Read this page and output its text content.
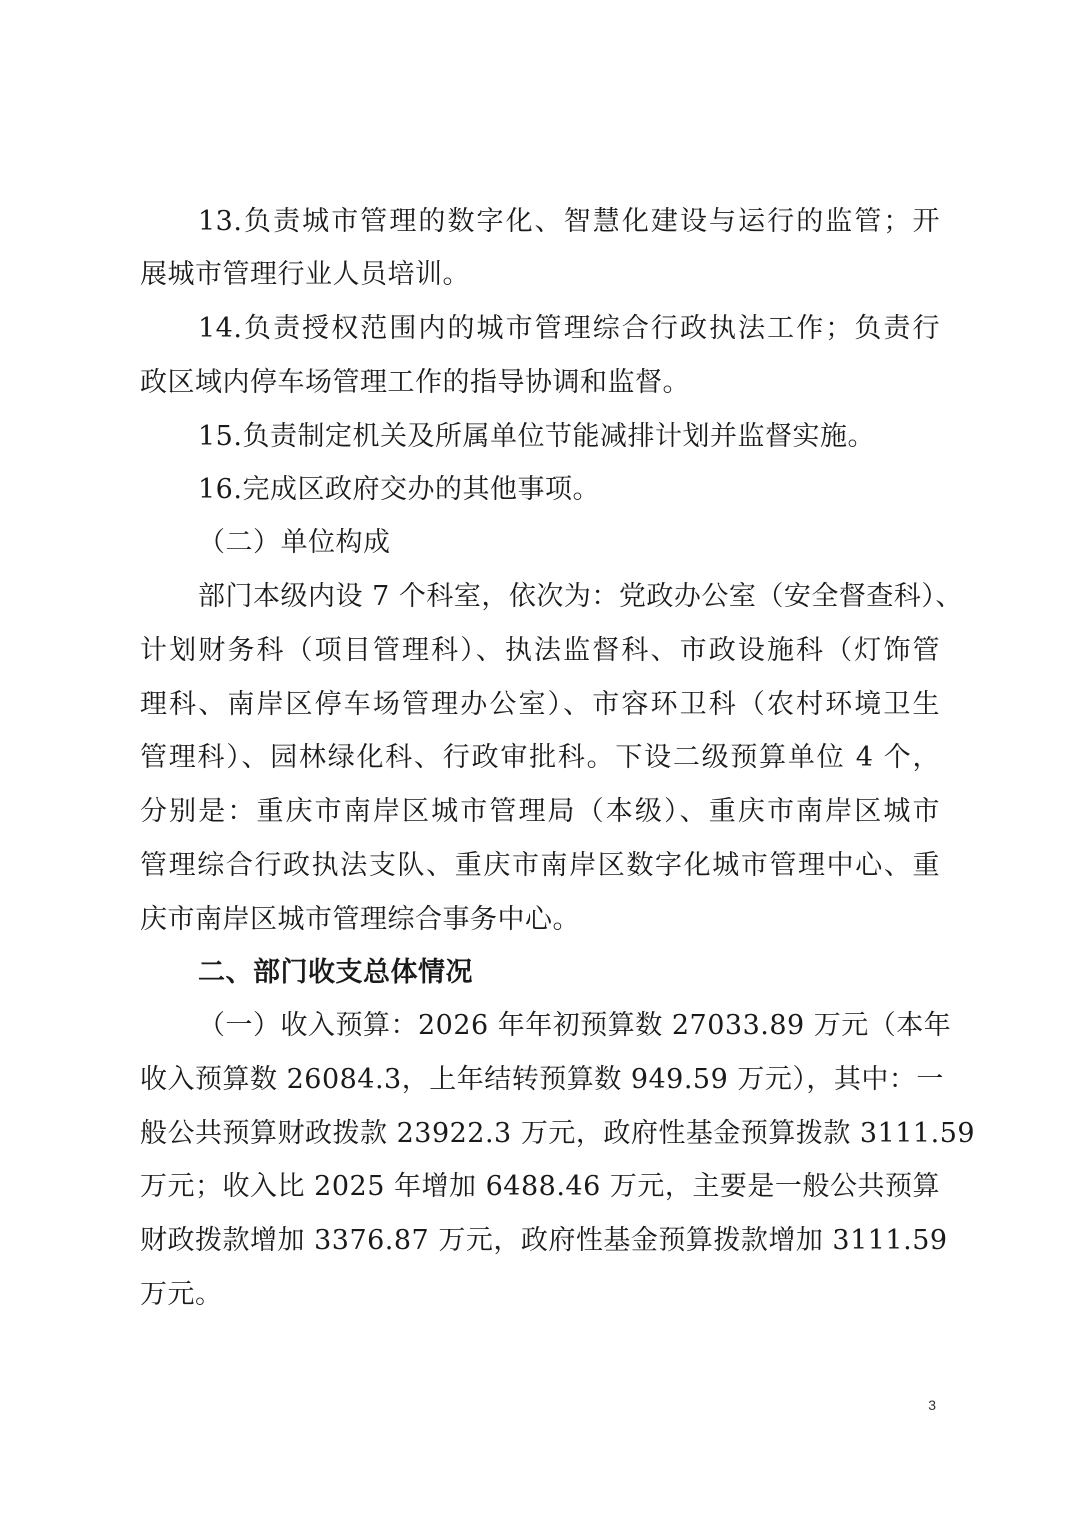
13.负责城市管理的数字化、智慧化建设与运行的监管；开
展城市管理行业人员培训。
14.负责授权范围内的城市管理综合行政执法工作；负责行
政区域内停车场管理工作的指导协调和监督。
15.负责制定机关及所属单位节能减排计划并监督实施。
16.完成区政府交办的其他事项。
（二）单位构成
部门本级内设 7 个科室，依次为：党政办公室（安全督查科）、
计划财务科（项目管理科）、执法监督科、市政设施科（灯饰管
理科、南岸区停车场管理办公室）、市容环卫科（农村环境卫生
管理科）、园林绿化科、行政审批科。下设二级预算单位 4 个，
分别是：重庆市南岸区城市管理局（本级）、重庆市南岸区城市
管理综合行政执法支队、重庆市南岸区数字化城市管理中心、重
庆市南岸区城市管理综合事务中心。
二、部门收支总体情况
（一）收入预算：2026 年年初预算数 27033.89 万元（本年
收入预算数 26084.3，上年结转预算数 949.59 万元），其中：一
般公共预算财政拨款 23922.3 万元，政府性基金预算拨款 3111.59
万元；收入比 2025 年增加 6488.46 万元，主要是一般公共预算
财政拨款增加 3376.87 万元，政府性基金预算拨款增加 3111.59
万元。
3
